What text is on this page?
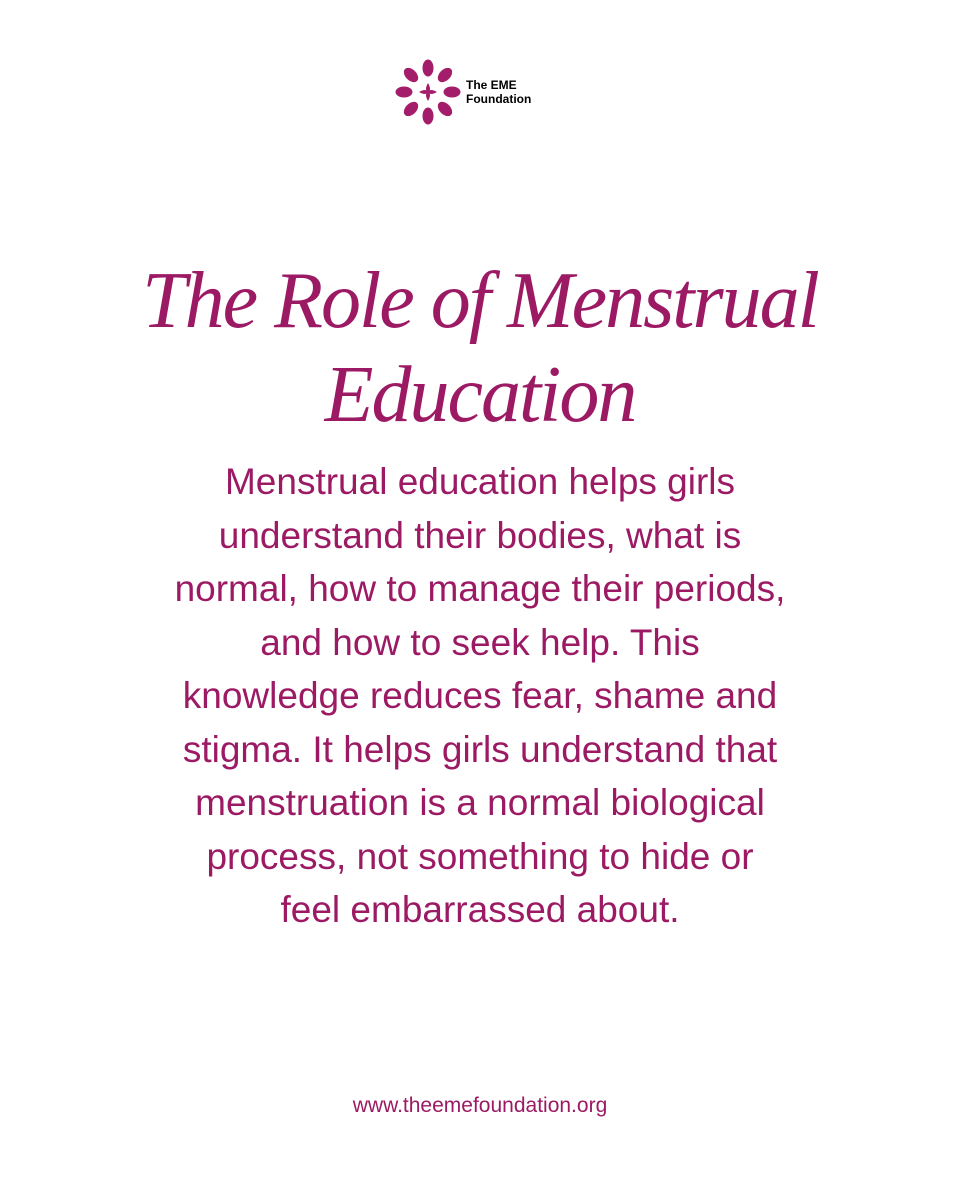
The EME
Foundation
The Role of Menstrual
Education

Menstrual education helps girls
understand their bodies, what is
normal, how to manage their periods,
and how to seek help. This
knowledge reduces fear, shame and
stigma. It helps girls understand that
menstruation is a normal biological
process, not something to hide or
feel embarrassed about.

www.theemefoundation.org
